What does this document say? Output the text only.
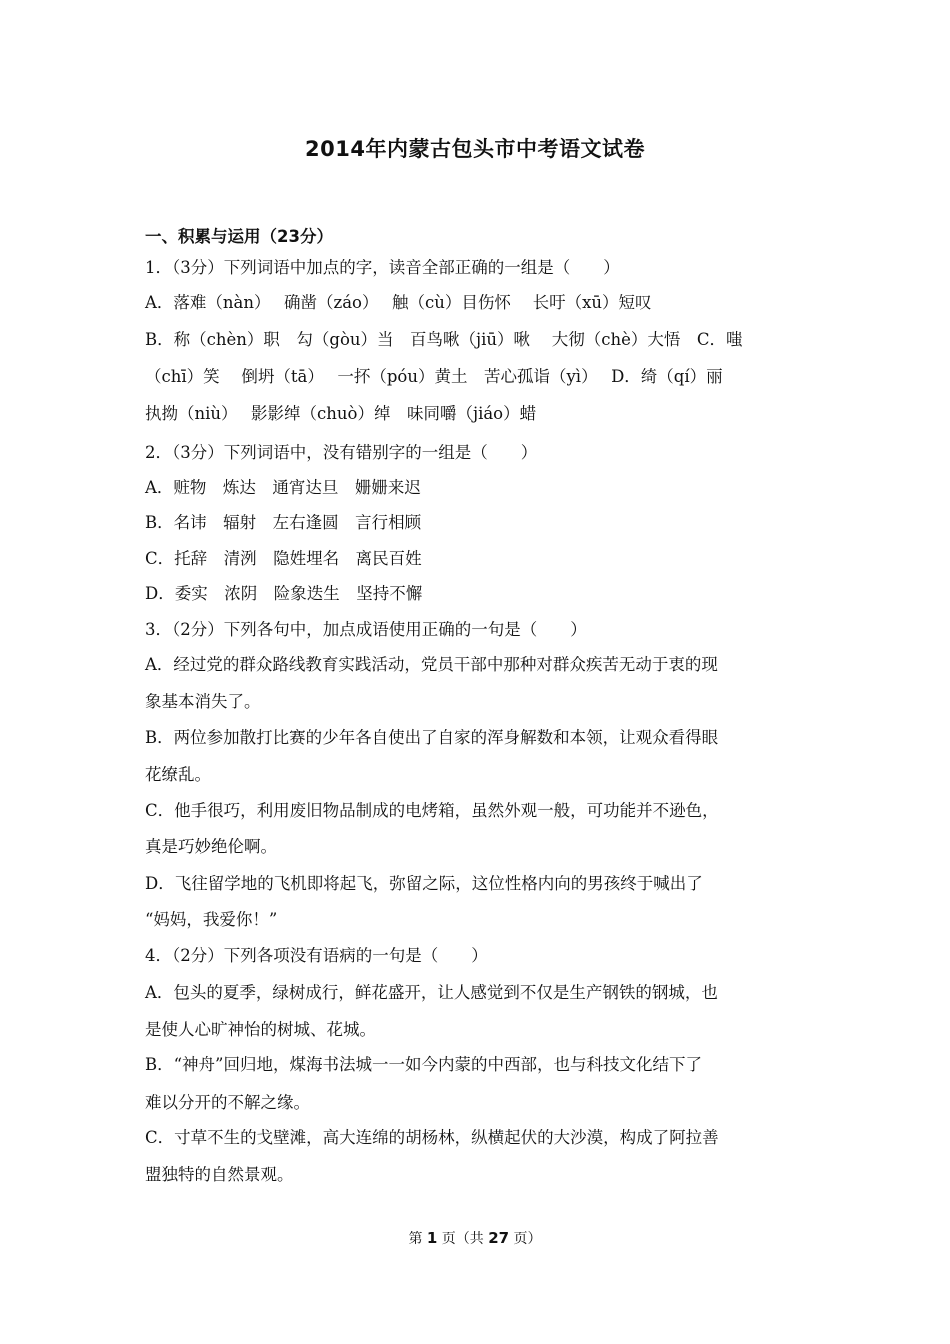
2014年内蒙古包头市中考语文试卷
一、积累与运用（23分）
1．（3分）下列词语中加点的字，读音全部正确的一组是（　　）
A．落难（nàn）　 确凿（záo）　 触（cù）目伤怀　 长吁（xū）短叹
B．称（chèn）职　勾（gòu）当　百鸟啾（jiū）啾　 大彻（chè）大悟　C．嗤
（chī）笑　 倒坍（tā）　 一抔（póu）黄土　苦心孤诣（yì）　 D．绮（qí）丽
执拗（niù）　 影影绰（chuò）绰　味同嚼（jiáo）蜡
2．（3分）下列词语中，没有错别字的一组是（　　）
A．赃物　炼达　通宵达旦　姗姗来迟
B．名讳　辐射　左右逢圆　言行相顾
C．托辞　清洌　隐姓埋名　离民百姓
D．委实　浓阴　险象迭生　坚持不懈
3．（2分）下列各句中，加点成语使用正确的一句是（　　）
A．经过党的群众路线教育实践活动，党员干部中那种对群众疾苦无动于衷的现
象基本消失了。
B．两位参加散打比赛的少年各自使出了自家的浑身解数和本领，让观众看得眼
花缭乱。
C．他手很巧，利用废旧物品制成的电烤箱，虽然外观一般，可功能并不逊色，
真是巧妙绝伦啊。
D．飞往留学地的飞机即将起飞，弥留之际，这位性格内向的男孩终于喊出了
“妈妈，我爱你！”
4．（2分）下列各项没有语病的一句是（　　）
A．包头的夏季，绿树成行，鲜花盛开，让人感觉到不仅是生产钢铁的钢城，也
是使人心旷神怡的树城、花城。
B．“神舟”回归地，煤海书法城一一如今内蒙的中西部，也与科技文化结下了
难以分开的不解之缘。
C．寸草不生的戈壁滩，高大连绵的胡杨林，纵横起伏的大沙漠，构成了阿拉善
盟独特的自然景观。
第 1 页（共 27 页）
